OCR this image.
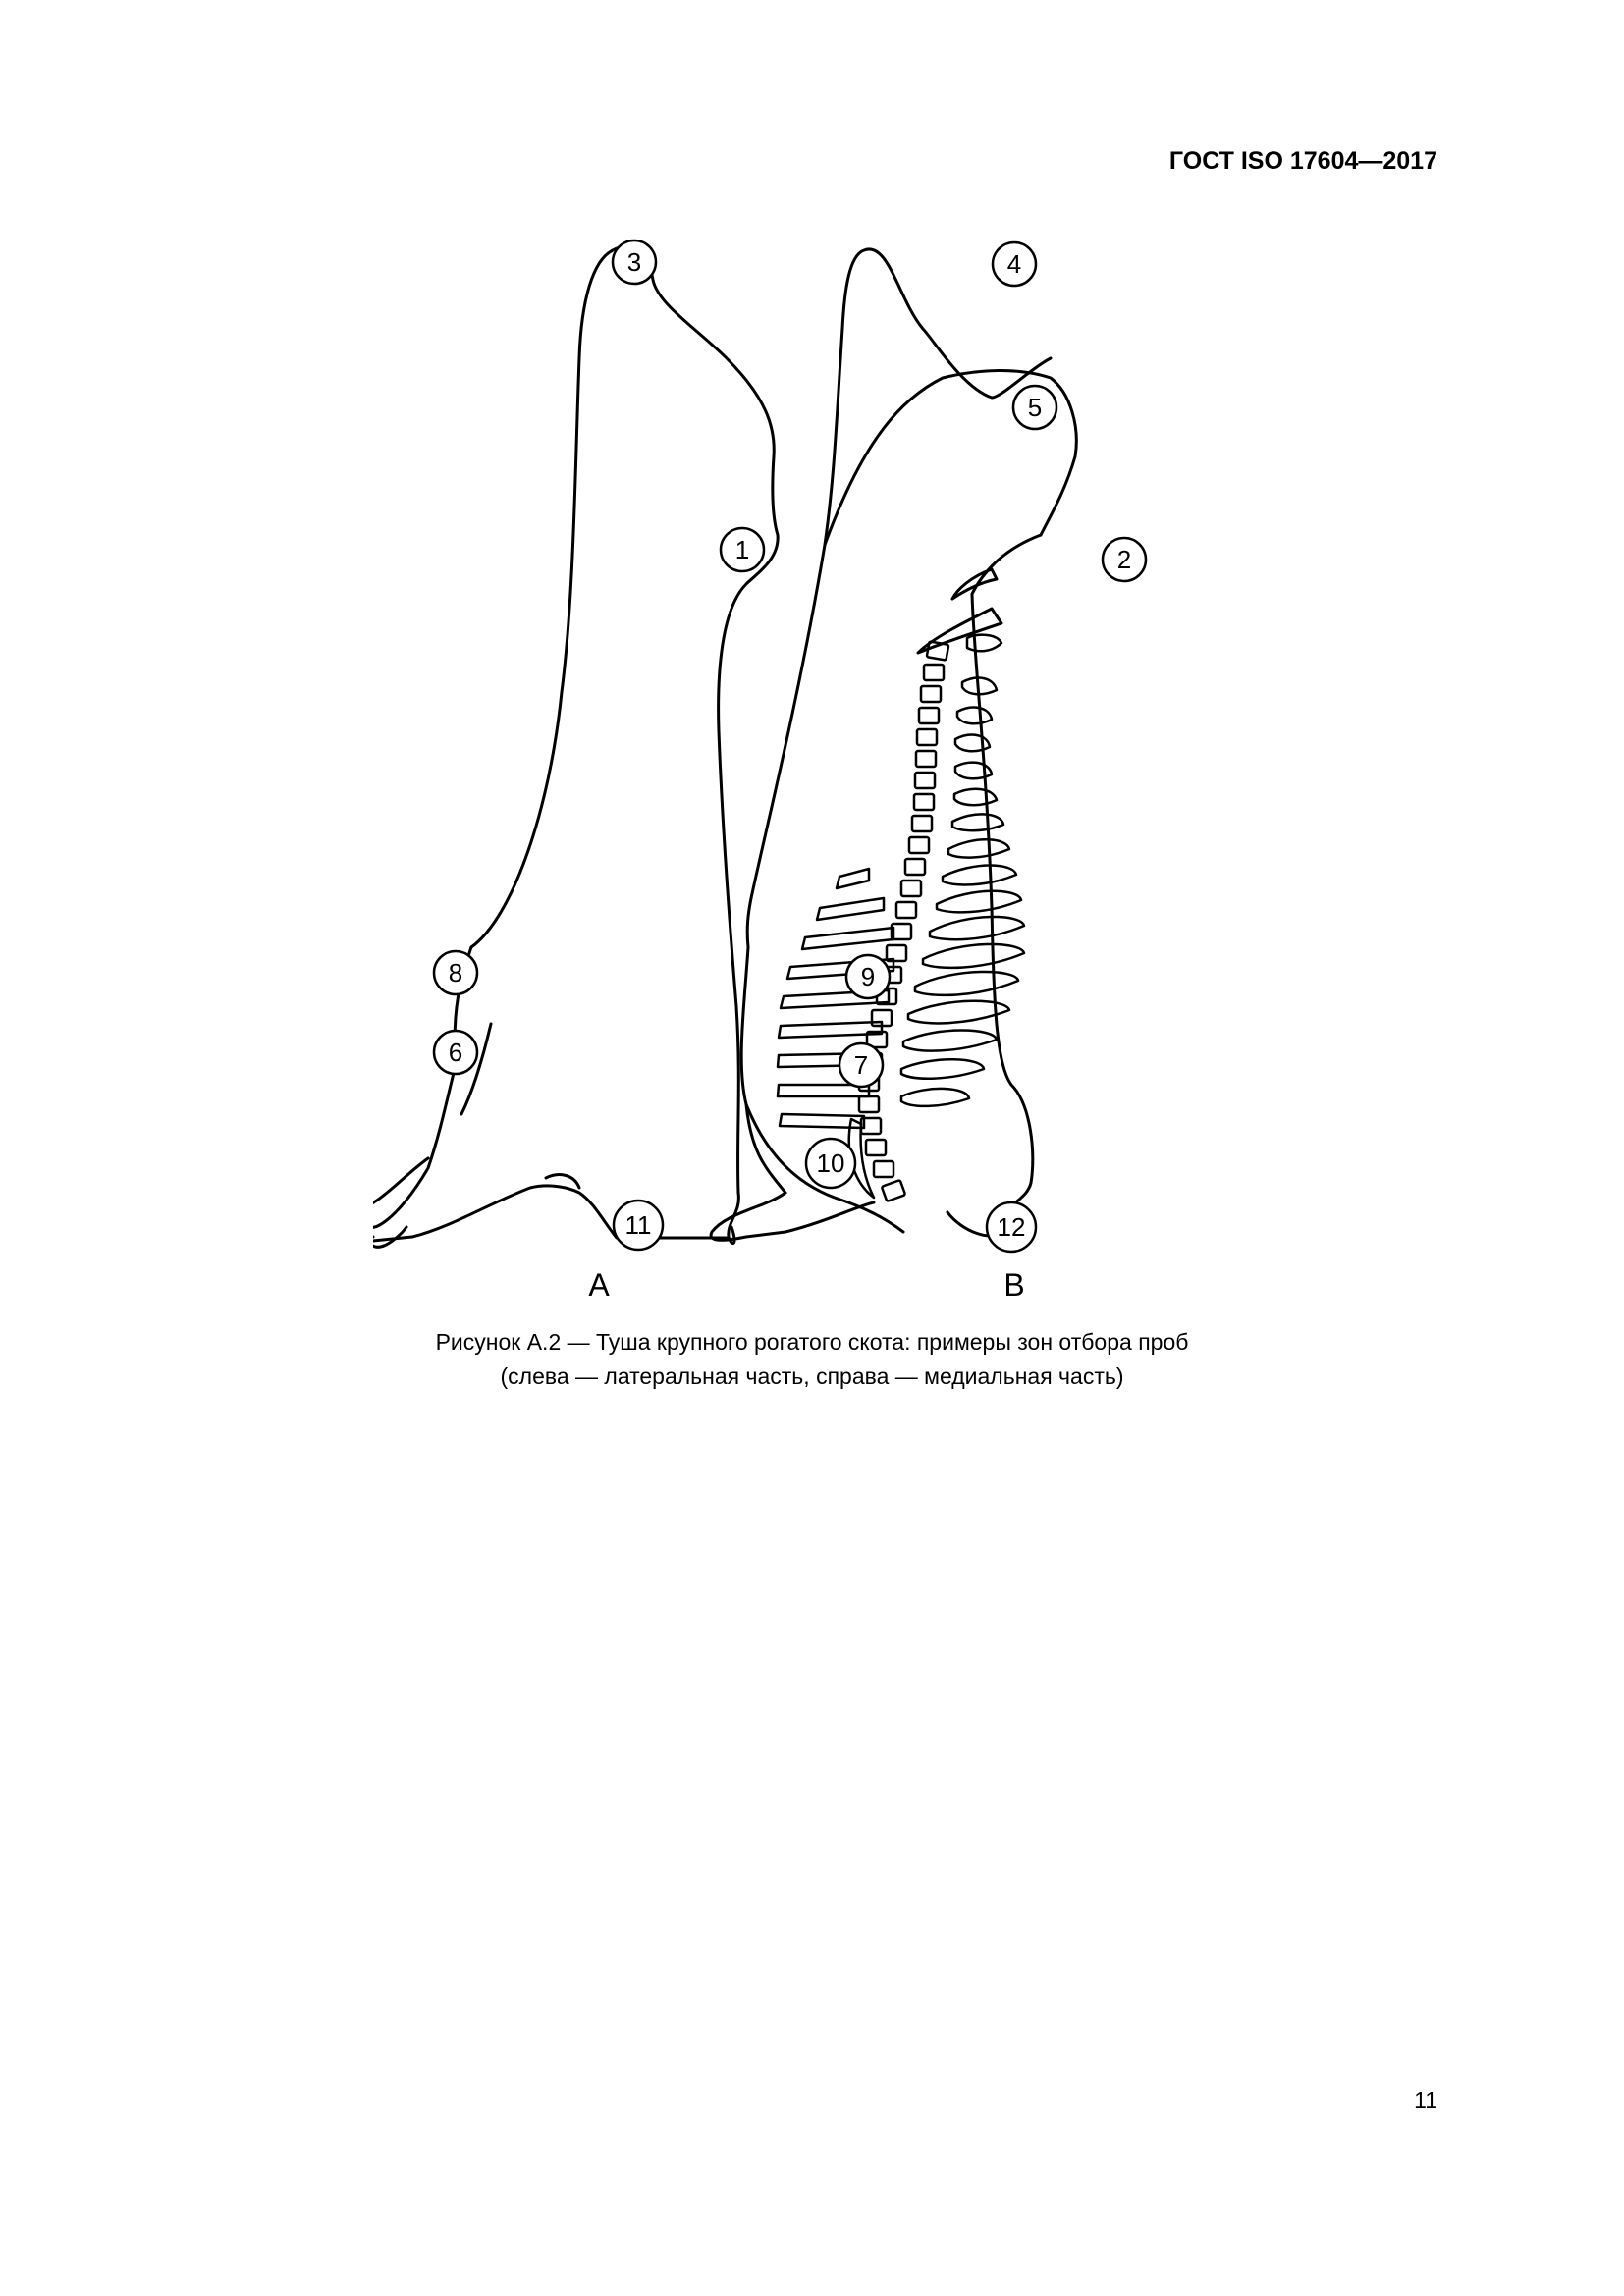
ГОСТ ISO 17604—2017
1	2
3	4
5
6	7
8	9
10
11	12
A	B
Рисунок А.2 — Туша крупного рогатого скота: примеры зон отбора проб
(слева — латеральная часть, справа — медиальная часть)
11
